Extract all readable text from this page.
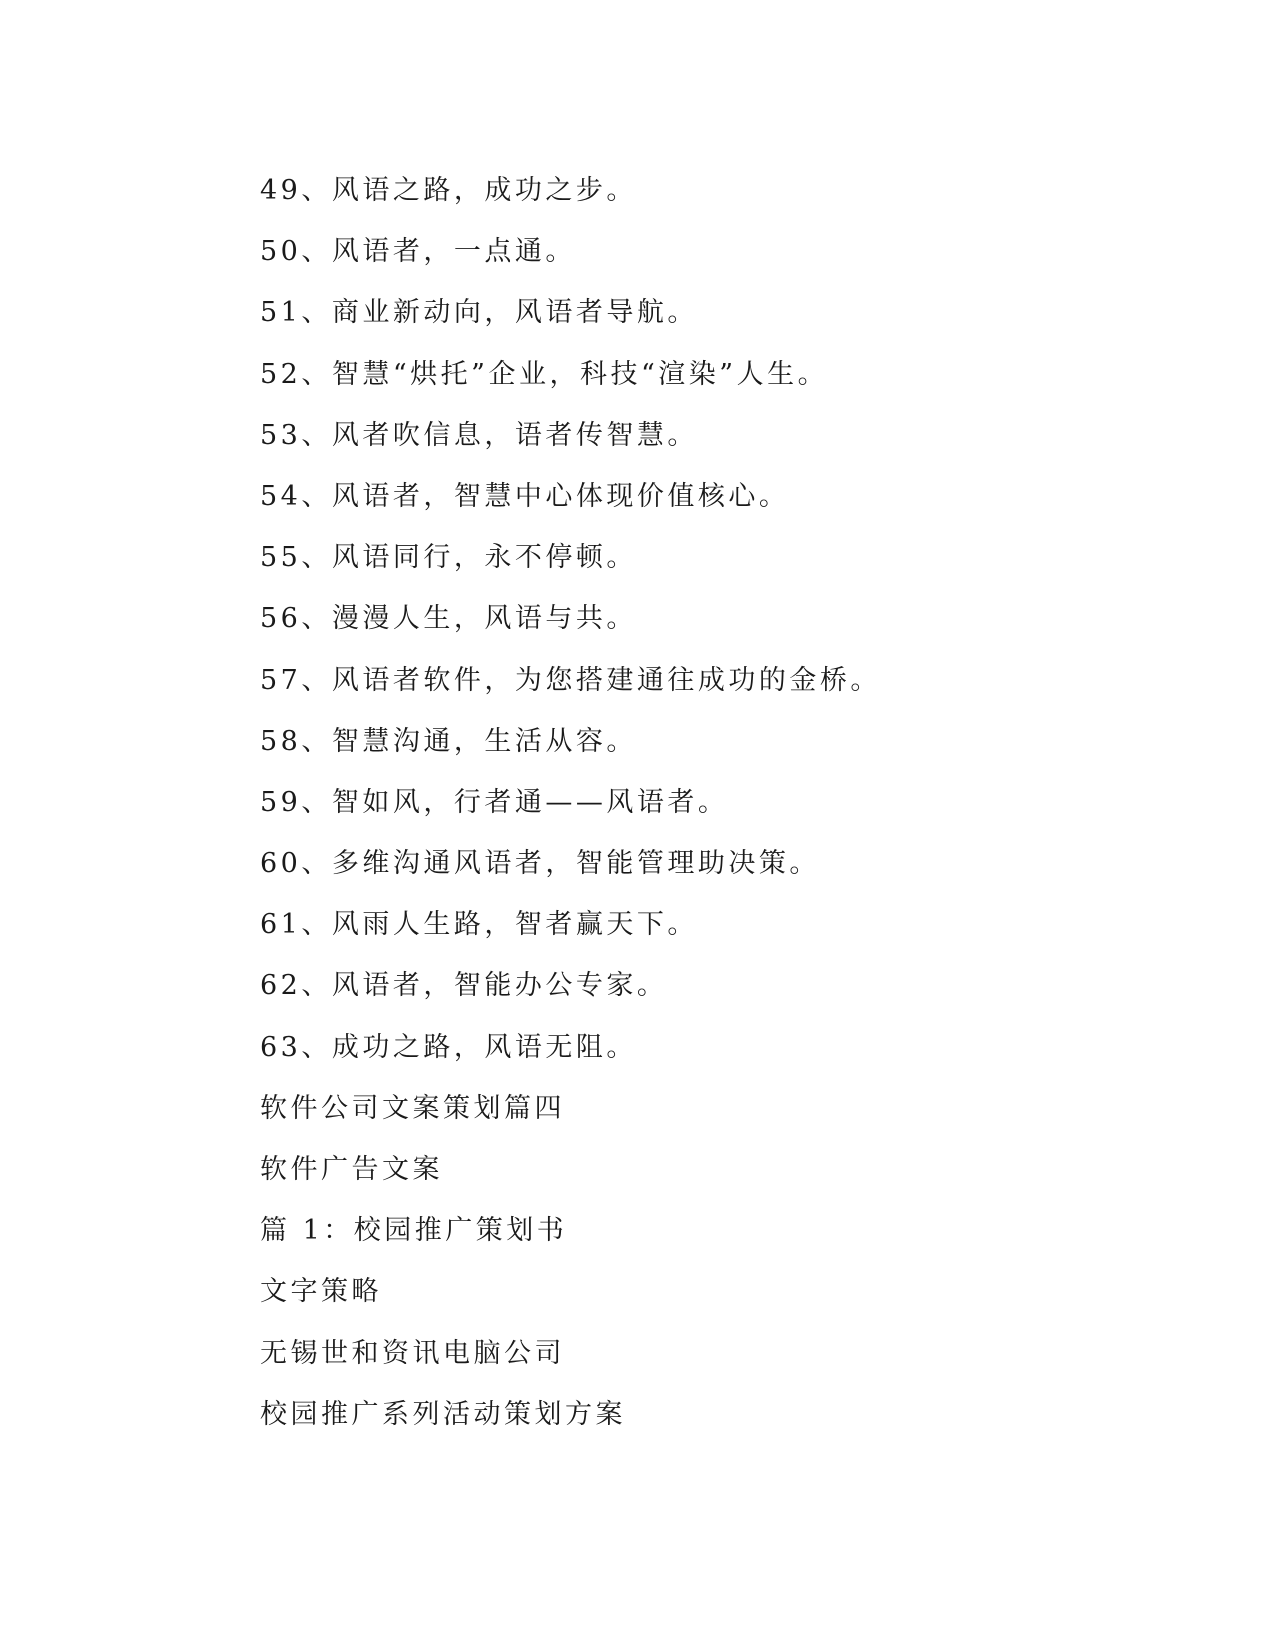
49、风语之路，成功之步。
50、风语者，一点通。
51、商业新动向，风语者导航。
52、智慧“烘托”企业，科技“渲染”人生。
53、风者吹信息，语者传智慧。
54、风语者，智慧中心体现价值核心。
55、风语同行，永不停顿。
56、漫漫人生，风语与共。
57、风语者软件，为您搭建通往成功的金桥。
58、智慧沟通，生活从容。
59、智如风，行者通——风语者。
60、多维沟通风语者，智能管理助决策。
61、风雨人生路，智者赢天下。
62、风语者，智能办公专家。
63、成功之路，风语无阻。
软件公司文案策划篇四
软件广告文案
篇 1：校园推广策划书
文字策略
无锡世和资讯电脑公司
校园推广系列活动策划方案
